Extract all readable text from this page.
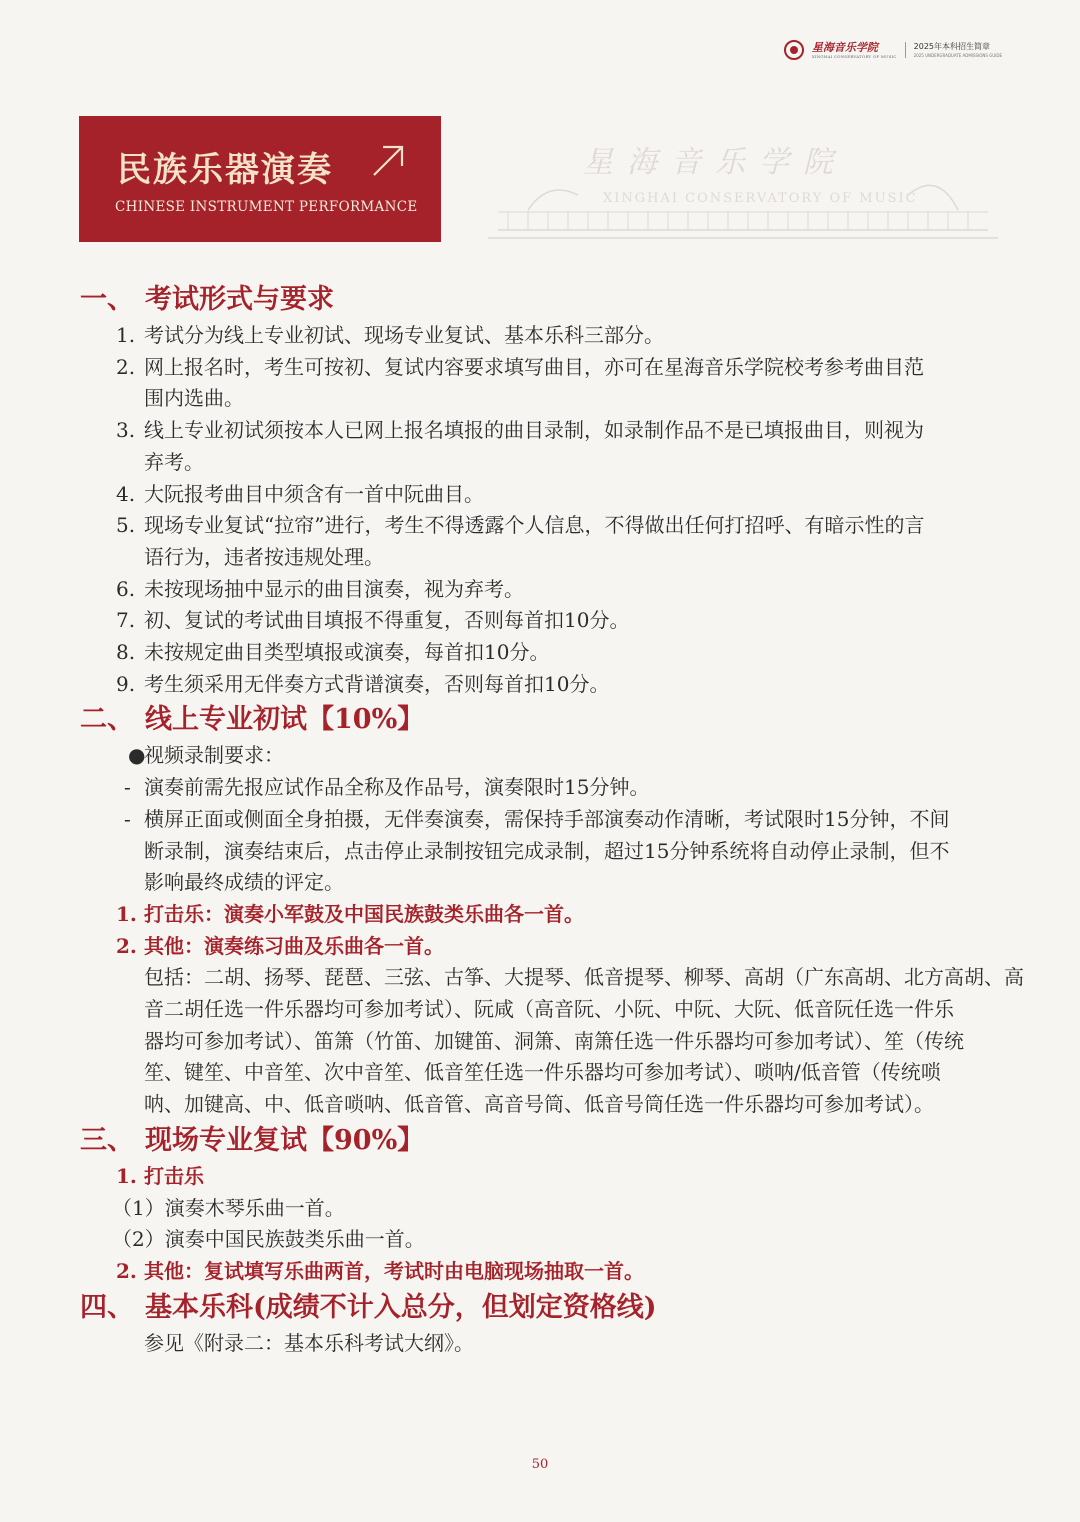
星海音乐学院
XINGHAI CONSERVATORY OF MUSIC
2025年本科招生简章
2025 UNDERGRADUATE ADMISSIONS GUIDE
民族乐器演奏
CHINESE INSTRUMENT PERFORMANCE
星海音乐学院
XINGHAI CONSERVATORY OF MUSIC
一、 考试形式与要求
1. 考试分为线上专业初试、现场专业复试、基本乐科三部分。
2. 网上报名时，考生可按初、复试内容要求填写曲目，亦可在星海音乐学院校考参考曲目范
围内选曲。
3. 线上专业初试须按本人已网上报名填报的曲目录制，如录制作品不是已填报曲目，则视为
弃考。
4. 大阮报考曲目中须含有一首中阮曲目。
5. 现场专业复试“拉帘”进行，考生不得透露个人信息，不得做出任何打招呼、有暗示性的言
语行为，违者按违规处理。
6. 未按现场抽中显示的曲目演奏，视为弃考。
7. 初、复试的考试曲目填报不得重复，否则每首扣10分。
8. 未按规定曲目类型填报或演奏，每首扣10分。
9. 考生须采用无伴奏方式背谱演奏，否则每首扣10分。
二、 线上专业初试【10%】
●
视频录制要求：
- 演奏前需先报应试作品全称及作品号，演奏限时15分钟。
- 横屏正面或侧面全身拍摄，无伴奏演奏，需保持手部演奏动作清晰，考试限时15分钟，不间
断录制，演奏结束后，点击停止录制按钮完成录制，超过15分钟系统将自动停止录制，但不
影响最终成绩的评定。
1. 打击乐：演奏小军鼓及中国民族鼓类乐曲各一首。
2. 其他：演奏练习曲及乐曲各一首。
包括：二胡、扬琴、琵琶、三弦、古筝、大提琴、低音提琴、柳琴、高胡（广东高胡、北方高胡、高
音二胡任选一件乐器均可参加考试）、阮咸（高音阮、小阮、中阮、大阮、低音阮任选一件乐
器均可参加考试）、笛箫（竹笛、加键笛、洞箫、南箫任选一件乐器均可参加考试）、笙（传统
笙、键笙、中音笙、次中音笙、低音笙任选一件乐器均可参加考试）、唢呐/低音管（传统唢
呐、加键高、中、低音唢呐、低音管、高音号筒、低音号筒任选一件乐器均可参加考试）。
三、 现场专业复试【90%】
1. 打击乐
（1）演奏木琴乐曲一首。
（2）演奏中国民族鼓类乐曲一首。
2. 其他：复试填写乐曲两首，考试时由电脑现场抽取一首。
四、 基本乐科(成绩不计入总分，但划定资格线)
参见《附录二：基本乐科考试大纲》。
50
